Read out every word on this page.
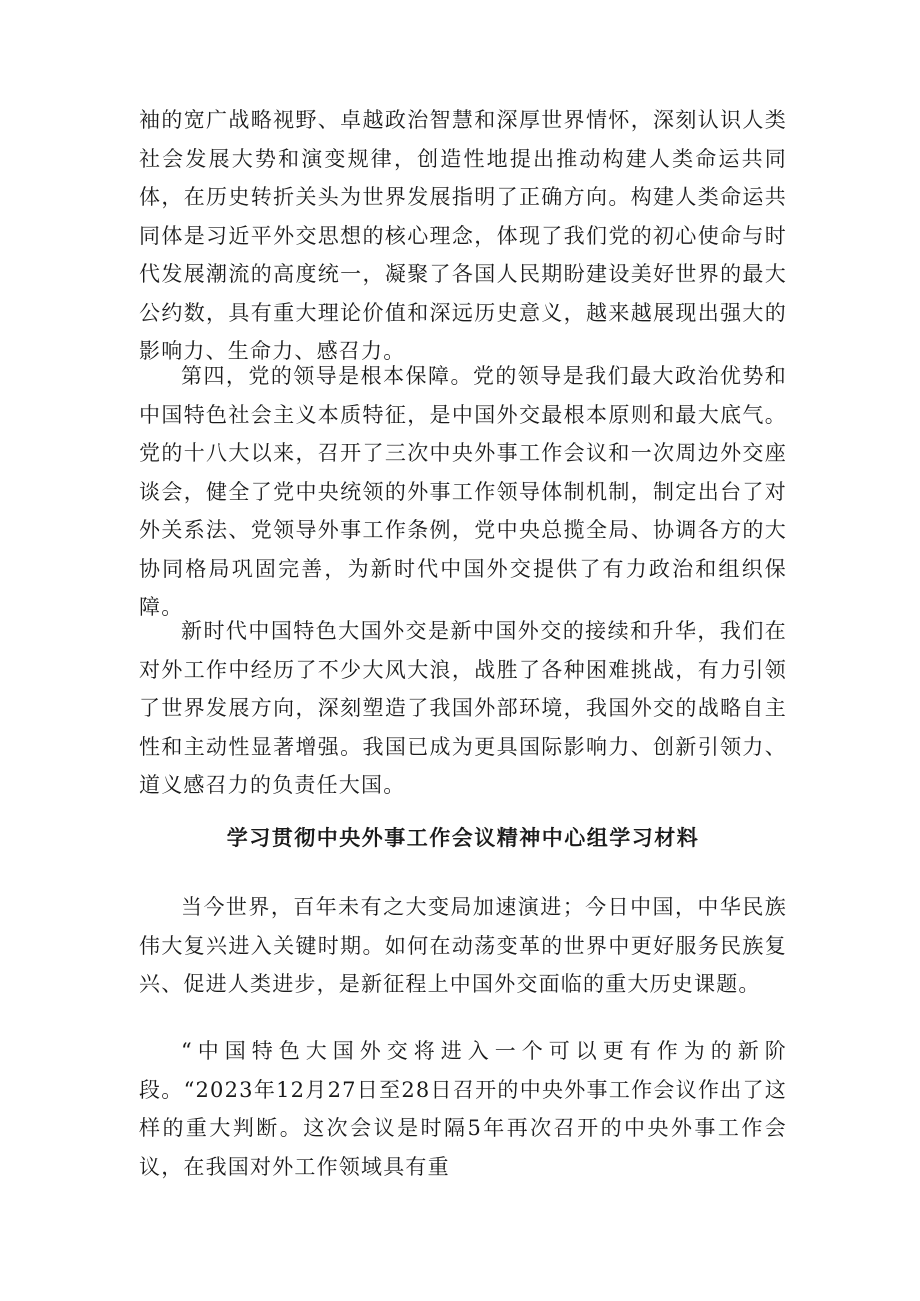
袖的宽广战略视野、卓越政治智慧和深厚世界情怀，深刻认识人类社会发展大势和演变规律，创造性地提出推动构建人类命运共同体，在历史转折关头为世界发展指明了正确方向。构建人类命运共同体是习近平外交思想的核心理念，体现了我们党的初心使命与时代发展潮流的高度统一，凝聚了各国人民期盼建设美好世界的最大公约数，具有重大理论价值和深远历史意义，越来越展现出强大的影响力、生命力、感召力。

第四，党的领导是根本保障。党的领导是我们最大政治优势和中国特色社会主义本质特征，是中国外交最根本原则和最大底气。党的十八大以来，召开了三次中央外事工作会议和一次周边外交座谈会，健全了党中央统领的外事工作领导体制机制，制定出台了对外关系法、党领导外事工作条例，党中央总揽全局、协调各方的大协同格局巩固完善，为新时代中国外交提供了有力政治和组织保障。

新时代中国特色大国外交是新中国外交的接续和升华，我们在对外工作中经历了不少大风大浪，战胜了各种困难挑战，有力引领了世界发展方向，深刻塑造了我国外部环境，我国外交的战略自主性和主动性显著增强。我国已成为更具国际影响力、创新引领力、道义感召力的负责任大国。

学习贯彻中央外事工作会议精神中心组学习材料

当今世界，百年未有之大变局加速演进；今日中国，中华民族伟大复兴进入关键时期。如何在动荡变革的世界中更好服务民族复兴、促进人类进步，是新征程上中国外交面临的重大历史课题。

“中国特色大国外交将进入一个可以更有作为的新阶段。“2023年12月27日至28日召开的中央外事工作会议作出了这样的重大判断。这次会议是时隔5年再次召开的中央外事工作会议，在我国对外工作领域具有重
